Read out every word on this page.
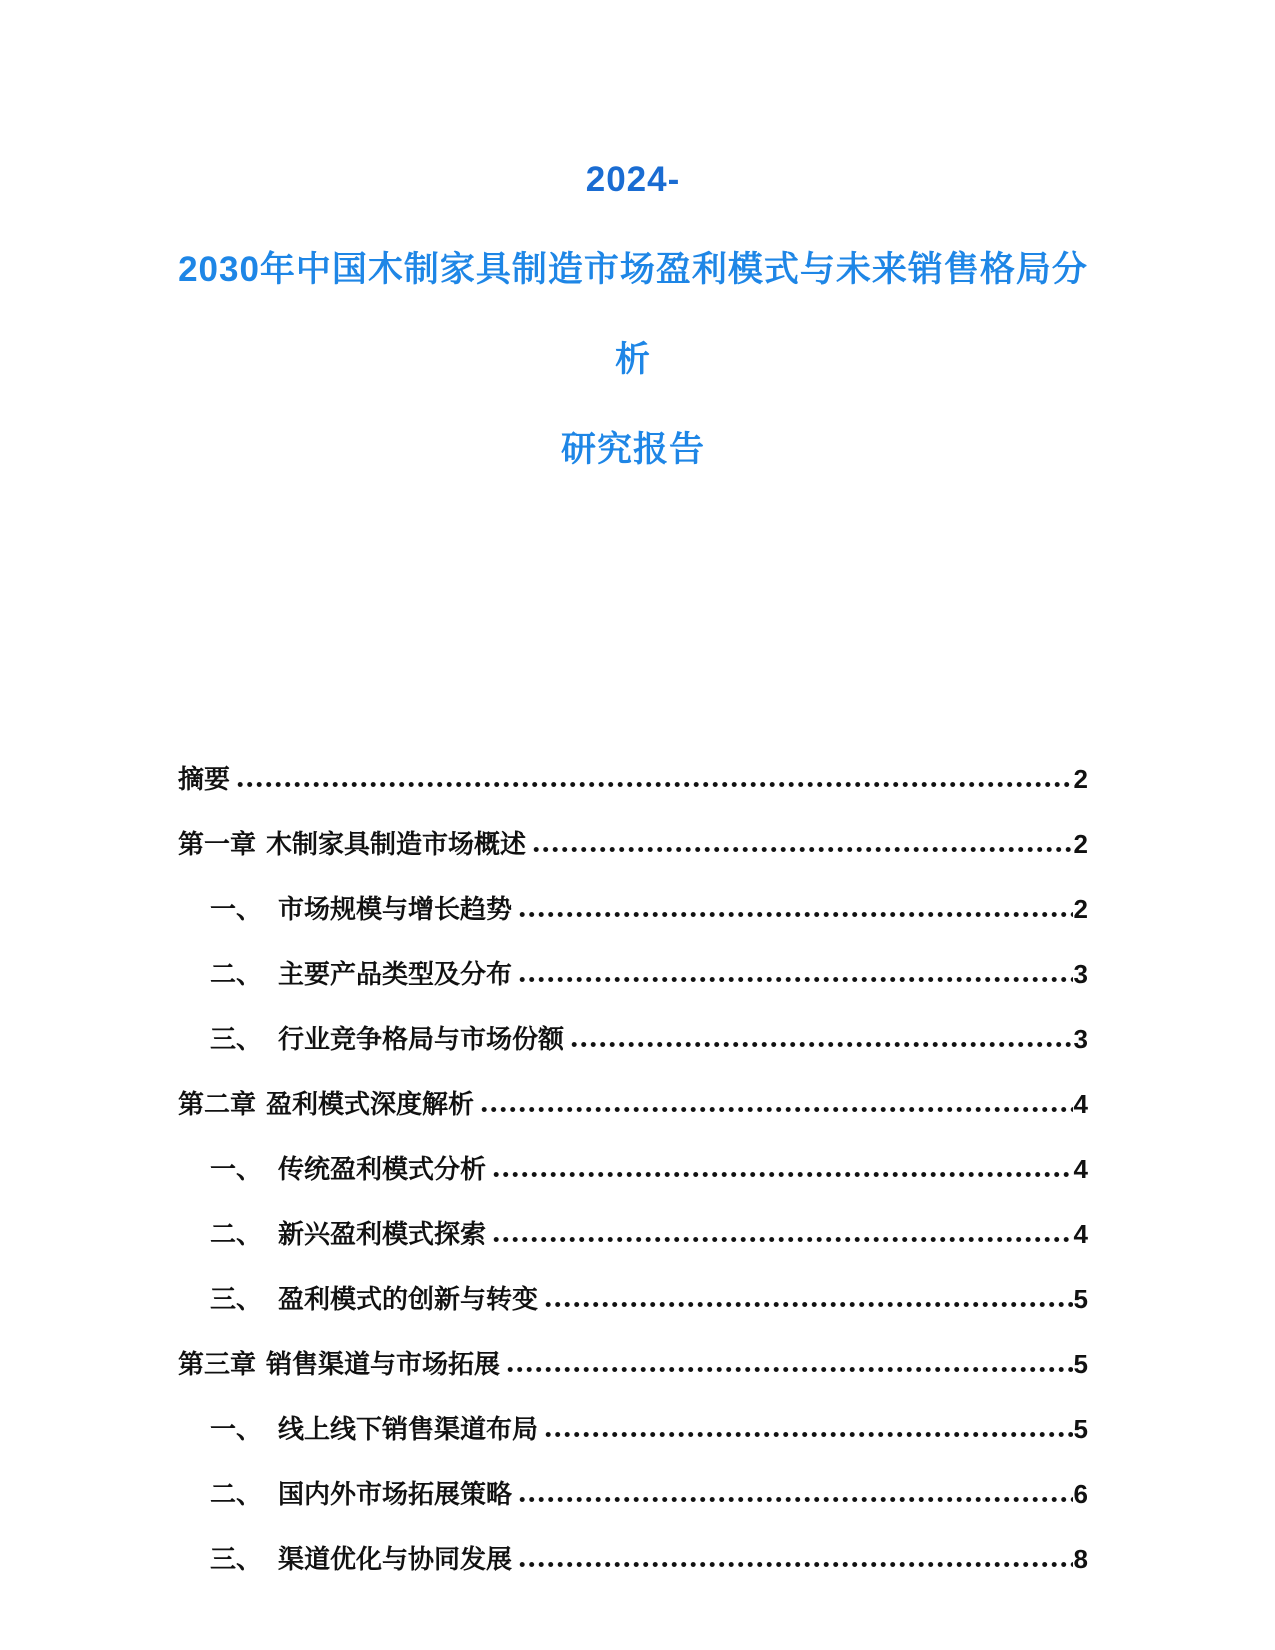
2024-

2030年中国木制家具制造市场盈利模式与未来销售格局分析

研究报告

摘要	2
第一章 木制家具制造市场概述	2
一、 市场规模与增长趋势	2
二、 主要产品类型及分布	3
三、 行业竞争格局与市场份额	3
第二章 盈利模式深度解析	4
一、 传统盈利模式分析	4
二、 新兴盈利模式探索	4
三、 盈利模式的创新与转变	5
第三章 销售渠道与市场拓展	5
一、 线上线下销售渠道布局	5
二、 国内外市场拓展策略	6
三、 渠道优化与协同发展	8
